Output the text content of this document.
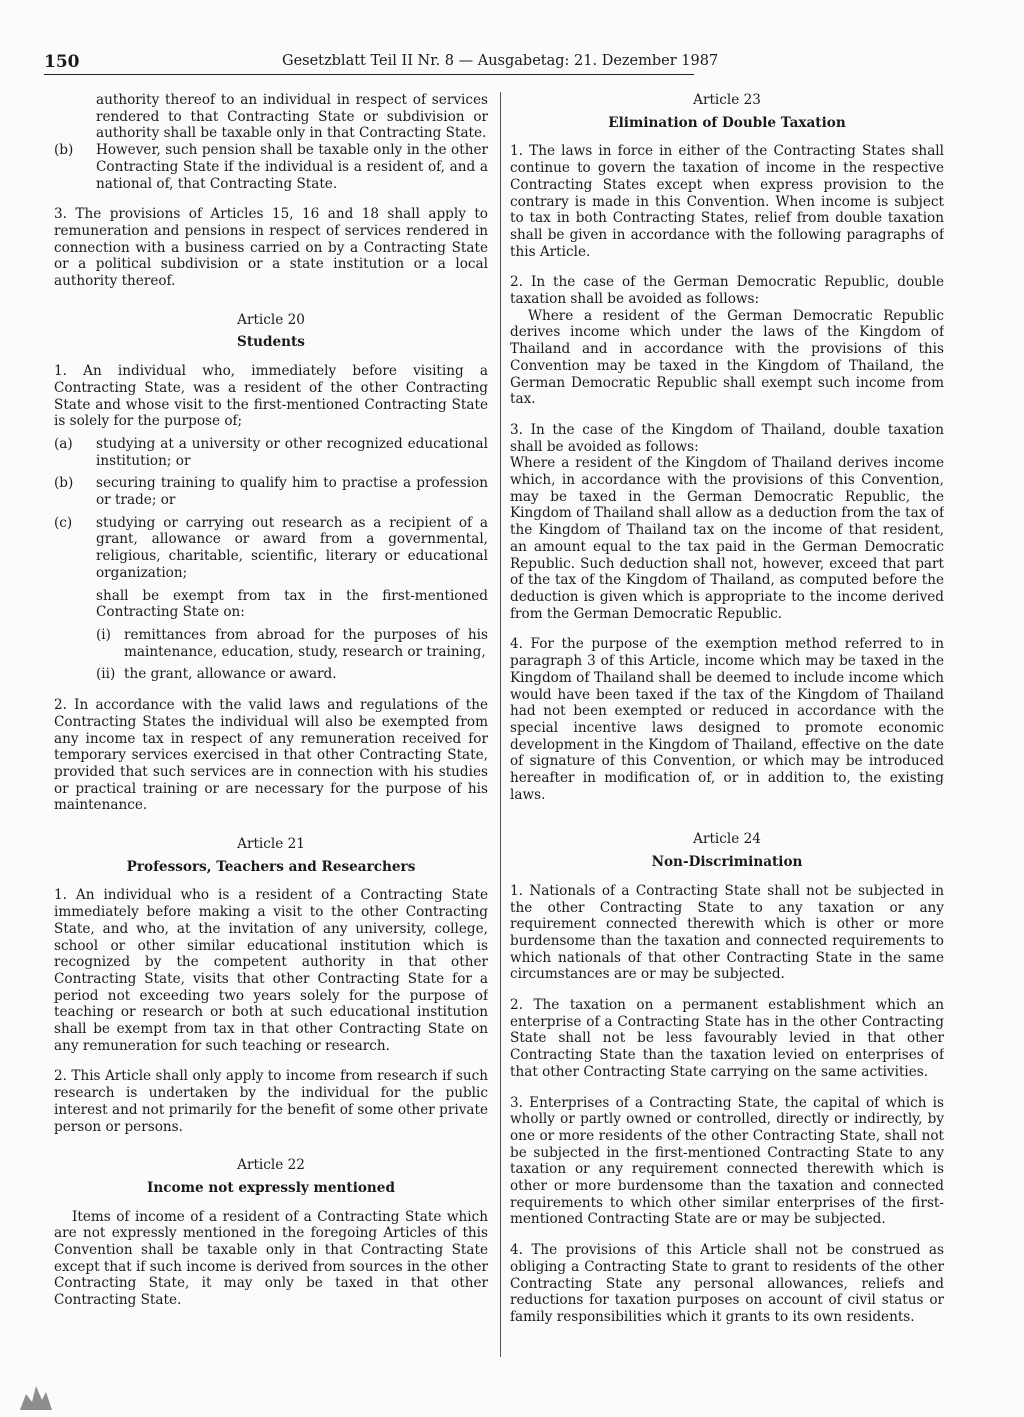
150	Gesetzblatt Teil II Nr. 8 — Ausgabetag: 21. Dezember 1987

authority thereof to an individual in respect of services rendered to that Contracting State or subdivision or authority shall be taxable only in that Contracting State.

(b)	However, such pension shall be taxable only in the other Contracting State if the individual is a resident of, and a national of, that Contracting State.

3. The provisions of Articles 15, 16 and 18 shall apply to remuneration and pensions in respect of services rendered in connection with a business carried on by a Contracting State or a political subdivision or a state institution or a local authority thereof.

Article 20
Students

1. An individual who, immediately before visiting a Contracting State, was a resident of the other Contracting State and whose visit to the first-mentioned Contracting State is solely for the purpose of;

(a)	studying at a university or other recognized educational institution; or
(b)	securing training to qualify him to practise a profession or trade; or
(c)	studying or carrying out research as a recipient of a grant, allowance or award from a governmental, religious, charitable, scientific, literary or educational organization;
shall be exempt from tax in the first-mentioned Contracting State on:
(i) remittances from abroad for the purposes of his maintenance, education, study, research or training,
(ii) the grant, allowance or award.

2. In accordance with the valid laws and regulations of the Contracting States the individual will also be exempted from any income tax in respect of any remuneration received for temporary services exercised in that other Contracting State, provided that such services are in connection with his studies or practical training or are necessary for the purpose of his maintenance.

Article 21
Professors, Teachers and Researchers

1. An individual who is a resident of a Contracting State immediately before making a visit to the other Contracting State, and who, at the invitation of any university, college, school or other similar educational institution which is recognized by the competent authority in that other Contracting State, visits that other Contracting State for a period not exceeding two years solely for the purpose of teaching or research or both at such educational institution shall be exempt from tax in that other Contracting State on any remuneration for such teaching or research.

2. This Article shall only apply to income from research if such research is undertaken by the individual for the public interest and not primarily for the benefit of some other private person or persons.

Article 22
Income not expressly mentioned

Items of income of a resident of a Contracting State which are not expressly mentioned in the foregoing Articles of this Convention shall be taxable only in that Contracting State except that if such income is derived from sources in the other Contracting State, it may only be taxed in that other Contracting State.

Article 23
Elimination of Double Taxation

1. The laws in force in either of the Contracting States shall continue to govern the taxation of income in the respective Contracting States except when express provision to the contrary is made in this Convention. When income is subject to tax in both Contracting States, relief from double taxation shall be given in accordance with the following paragraphs of this Article.

2. In the case of the German Democratic Republic, double taxation shall be avoided as follows:

Where a resident of the German Democratic Republic derives income which under the laws of the Kingdom of Thailand and in accordance with the provisions of this Convention may be taxed in the Kingdom of Thailand, the German Democratic Republic shall exempt such income from tax.

3. In the case of the Kingdom of Thailand, double taxation shall be avoided as follows:

Where a resident of the Kingdom of Thailand derives income which, in accordance with the provisions of this Convention, may be taxed in the German Democratic Republic, the Kingdom of Thailand shall allow as a deduction from the tax of the Kingdom of Thailand tax on the income of that resident, an amount equal to the tax paid in the German Democratic Republic. Such deduction shall not, however, exceed that part of the tax of the Kingdom of Thailand, as computed before the deduction is given which is appropriate to the income derived from the German Democratic Republic.

4. For the purpose of the exemption method referred to in paragraph 3 of this Article, income which may be taxed in the Kingdom of Thailand shall be deemed to include income which would have been taxed if the tax of the Kingdom of Thailand had not been exempted or reduced in accordance with the special incentive laws designed to promote economic development in the Kingdom of Thailand, effective on the date of signature of this Convention, or which may be introduced hereafter in modification of, or in addition to, the existing laws.

Article 24
Non-Discrimination

1. Nationals of a Contracting State shall not be subjected in the other Contracting State to any taxation or any requirement connected therewith which is other or more burdensome than the taxation and connected requirements to which nationals of that other Contracting State in the same circumstances are or may be subjected.

2. The taxation on a permanent establishment which an enterprise of a Contracting State has in the other Contracting State shall not be less favourably levied in that other Contracting State than the taxation levied on enterprises of that other Contracting State carrying on the same activities.

3. Enterprises of a Contracting State, the capital of which is wholly or partly owned or controlled, directly or indirectly, by one or more residents of the other Contracting State, shall not be subjected in the first-mentioned Contracting State to any taxation or any requirement connected therewith which is other or more burdensome than the taxation and connected requirements to which other similar enterprises of the first-mentioned Contracting State are or may be subjected.

4. The provisions of this Article shall not be construed as obliging a Contracting State to grant to residents of the other Contracting State any personal allowances, reliefs and reductions for taxation purposes on account of civil status or family responsibilities which it grants to its own residents.
